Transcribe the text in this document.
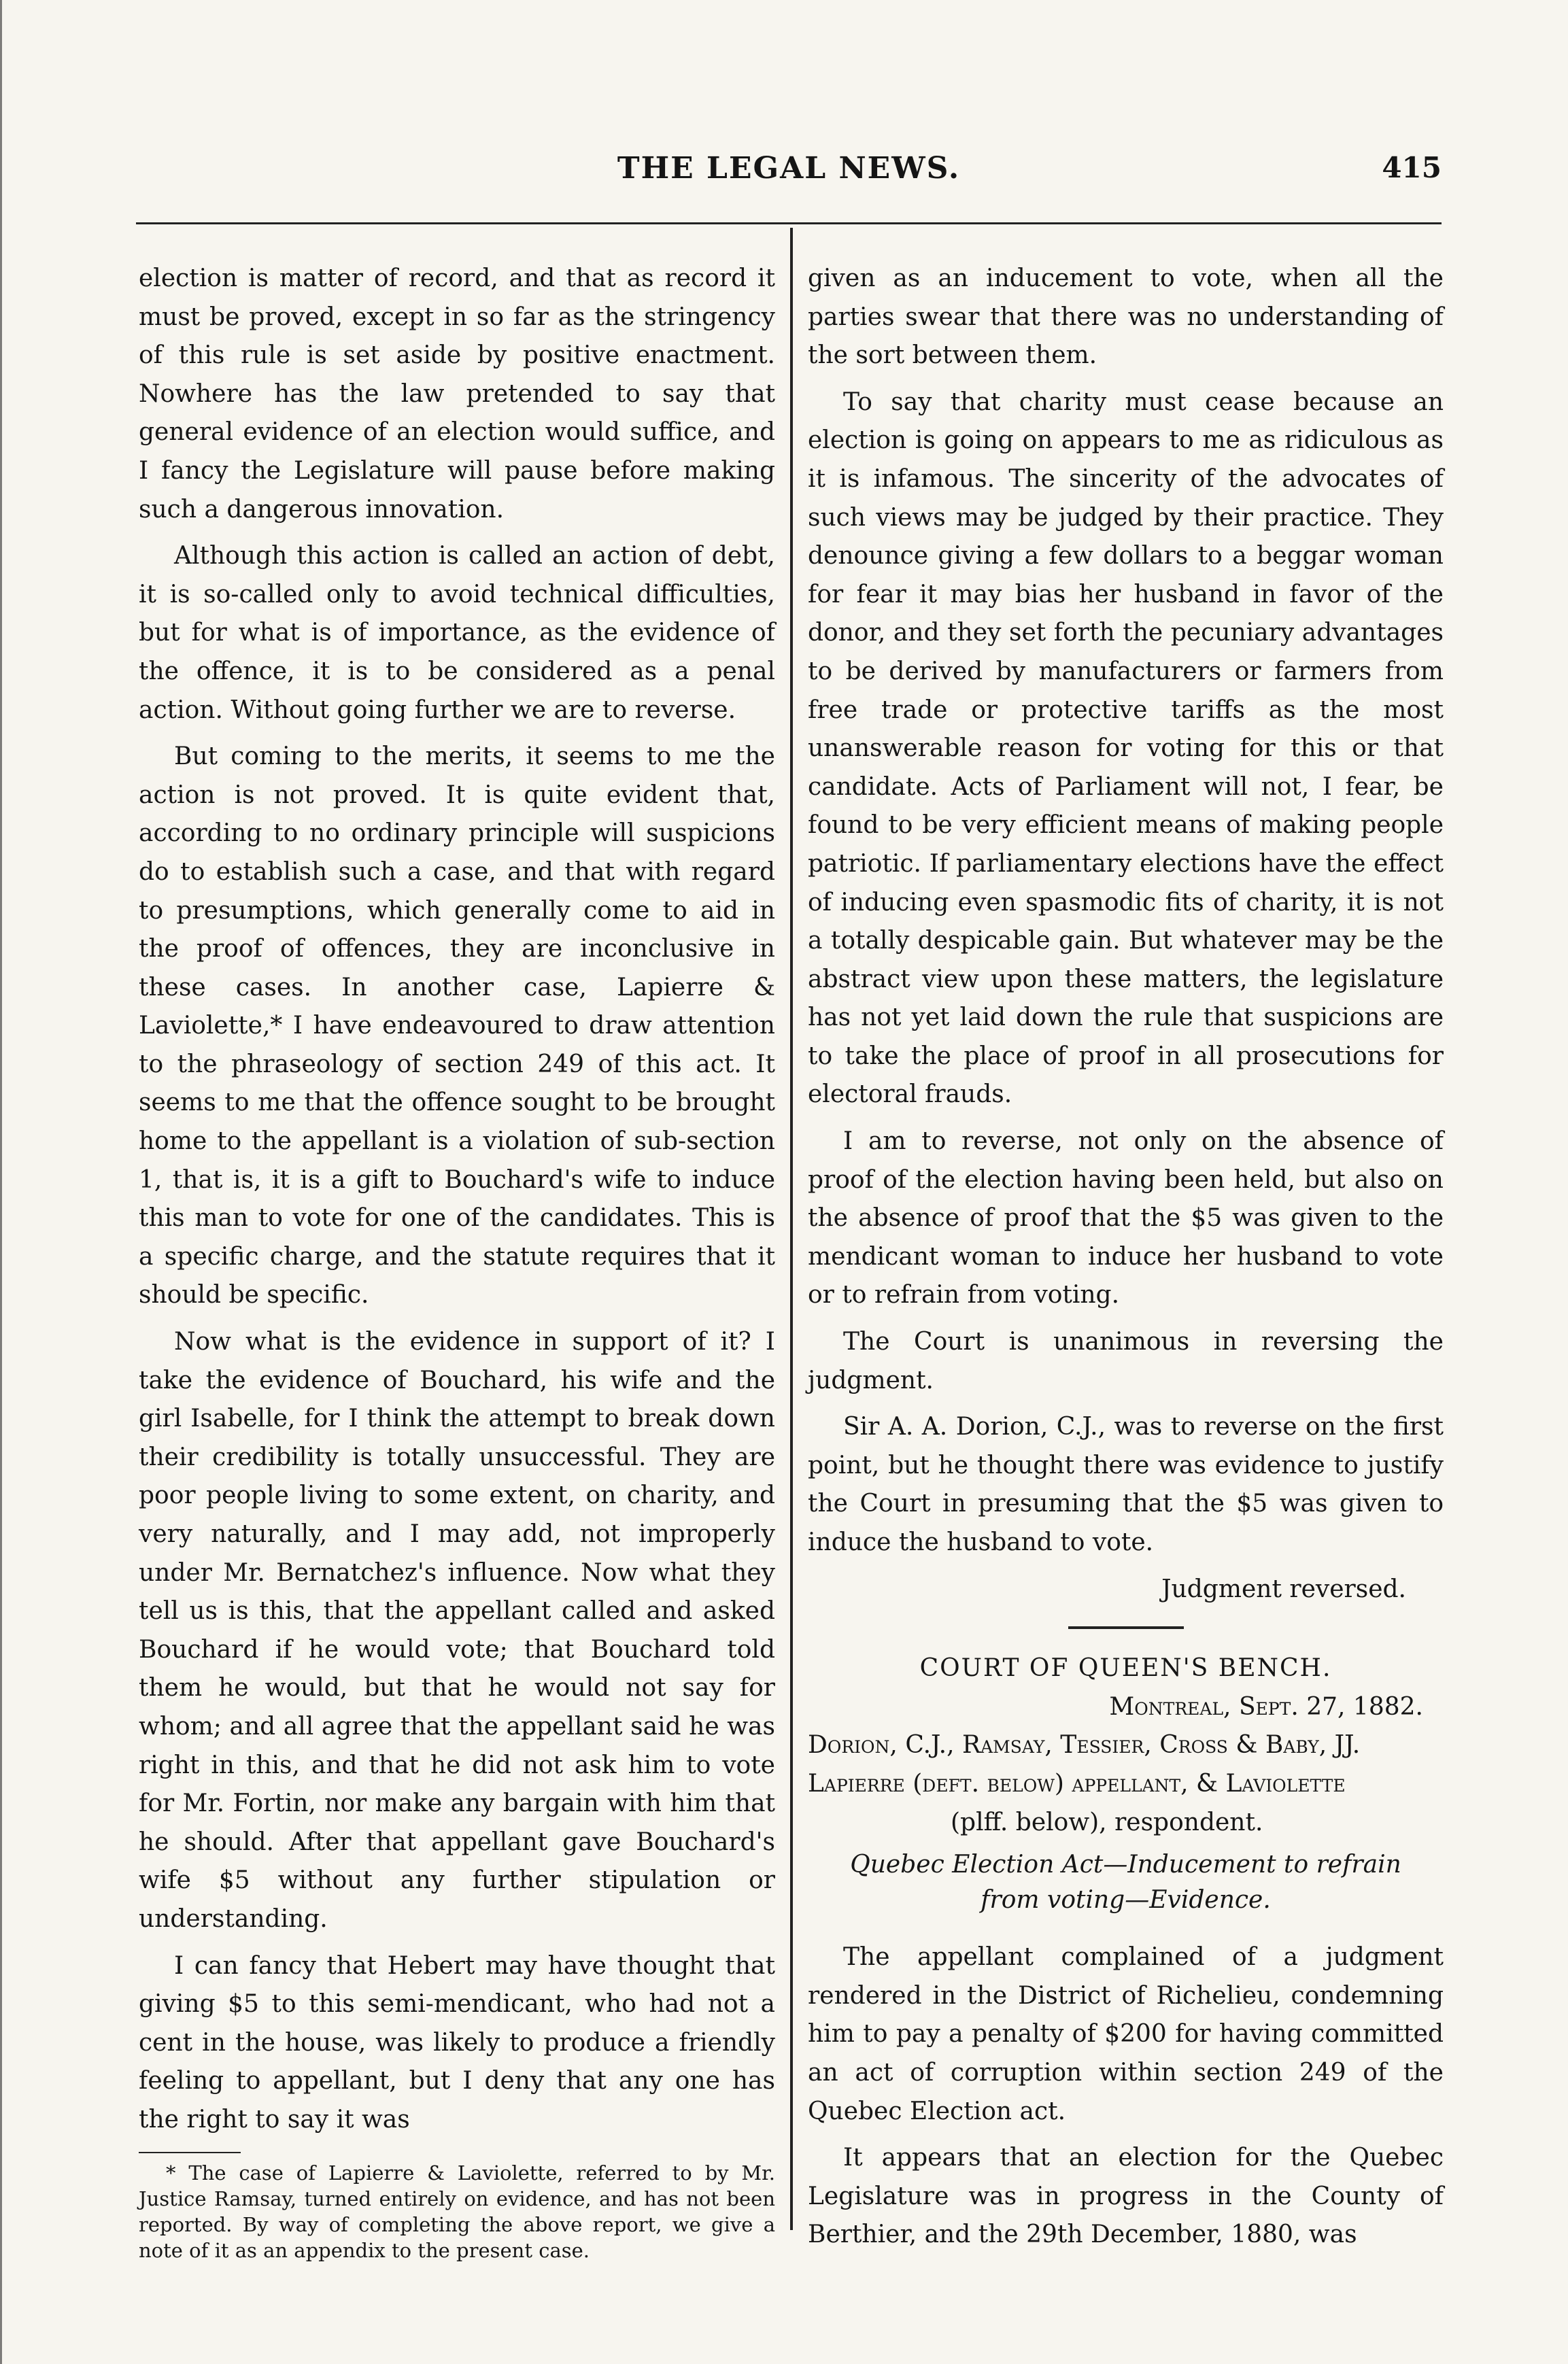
THE LEGAL NEWS.	415

election is matter of record, and that as record it must be proved, except in so far as the stringency of this rule is set aside by positive enactment. Nowhere has the law pretended to say that general evidence of an election would suffice, and I fancy the Legislature will pause before making such a dangerous innovation.

Although this action is called an action of debt, it is so-called only to avoid technical difficulties, but for what is of importance, as the evidence of the offence, it is to be considered as a penal action. Without going further we are to reverse.

But coming to the merits, it seems to me the action is not proved. It is quite evident that, according to no ordinary principle will suspicions do to establish such a case, and that with regard to presumptions, which generally come to aid in the proof of offences, they are inconclusive in these cases. In another case, Lapierre & Laviolette,* I have endeavoured to draw attention to the phraseology of section 249 of this act. It seems to me that the offence sought to be brought home to the appellant is a violation of sub-section 1, that is, it is a gift to Bouchard's wife to induce this man to vote for one of the candidates. This is a specific charge, and the statute requires that it should be specific.

Now what is the evidence in support of it? I take the evidence of Bouchard, his wife and the girl Isabelle, for I think the attempt to break down their credibility is totally unsuccessful. They are poor people living to some extent, on charity, and very naturally, and I may add, not improperly under Mr. Bernatchez's influence. Now what they tell us is this, that the appellant called and asked Bouchard if he would vote; that Bouchard told them he would, but that he would not say for whom; and all agree that the appellant said he was right in this, and that he did not ask him to vote for Mr. Fortin, nor make any bargain with him that he should. After that appellant gave Bouchard's wife $5 without any further stipulation or understanding.

I can fancy that Hebert may have thought that giving $5 to this semi-mendicant, who had not a cent in the house, was likely to produce a friendly feeling to appellant, but I deny that any one has the right to say it was

* The case of Lapierre & Laviolette, referred to by Mr. Justice Ramsay, turned entirely on evidence, and has not been reported. By way of completing the above report, we give a note of it as an appendix to the present case.

given as an inducement to vote, when all the parties swear that there was no understanding of the sort between them.

To say that charity must cease because an election is going on appears to me as ridiculous as it is infamous. The sincerity of the advocates of such views may be judged by their practice. They denounce giving a few dollars to a beggar woman for fear it may bias her husband in favor of the donor, and they set forth the pecuniary advantages to be derived by manufacturers or farmers from free trade or protective tariffs as the most unanswerable reason for voting for this or that candidate. Acts of Parliament will not, I fear, be found to be very efficient means of making people patriotic. If parliamentary elections have the effect of inducing even spasmodic fits of charity, it is not a totally despicable gain. But whatever may be the abstract view upon these matters, the legislature has not yet laid down the rule that suspicions are to take the place of proof in all prosecutions for electoral frauds.

I am to reverse, not only on the absence of proof of the election having been held, but also on the absence of proof that the $5 was given to the mendicant woman to induce her husband to vote or to refrain from voting.

The Court is unanimous in reversing the judgment.

Sir A. A. Dorion, C.J., was to reverse on the first point, but he thought there was evidence to justify the Court in presuming that the $5 was given to induce the husband to vote.

Judgment reversed.
COURT OF QUEEN'S BENCH.
Montreal, Sept. 27, 1882.
Dorion, C.J., Ramsay, Tessier, Cross & Baby, JJ.
Lapierre (deft. below) appellant, & Laviolette
(plff. below), respondent.
Quebec Election Act—Inducement to refrain from voting—Evidence.

The appellant complained of a judgment rendered in the District of Richelieu, condemning him to pay a penalty of $200 for having committed an act of corruption within section 249 of the Quebec Election act.

It appears that an election for the Quebec Legislature was in progress in the County of Berthier, and the 29th December, 1880, was
